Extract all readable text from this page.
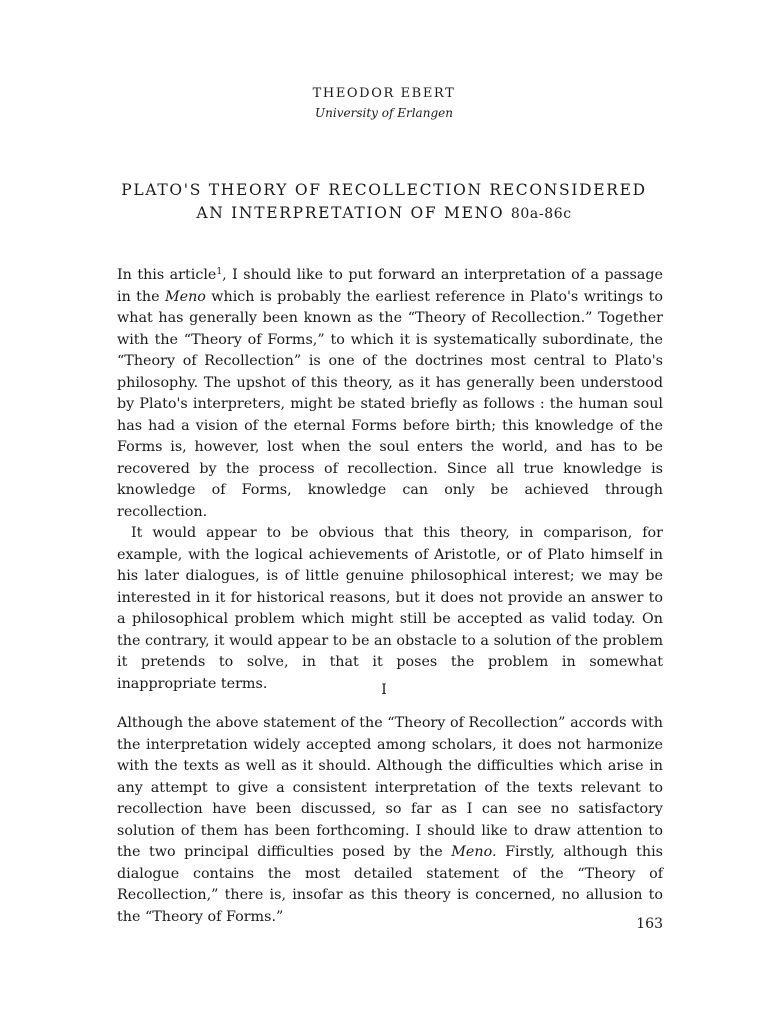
THEODOR EBERT
University of Erlangen
PLATO'S THEORY OF RECOLLECTION RECONSIDERED
AN INTERPRETATION OF MENO 80a-86c

In this article$^1$, I should like to put forward an interpretation of a passage in the Meno which is probably the earliest reference in Plato's writings to what has generally been known as the “Theory of Recollection.” Together with the “Theory of Forms,” to which it is systematically subordinate, the “Theory of Recollection” is one of the doctrines most central to Plato's philosophy. The upshot of this theory, as it has generally been understood by Plato's interpreters, might be stated briefly as follows : the human soul has had a vision of the eternal Forms before birth; this knowledge of the Forms is, however, lost when the soul enters the world, and has to be recovered by the process of recollection. Since all true knowledge is knowledge of Forms, knowledge can only be achieved through recollection.

It would appear to be obvious that this theory, in comparison, for example, with the logical achievements of Aristotle, or of Plato himself in his later dialogues, is of little genuine philosophical interest; we may be interested in it for historical reasons, but it does not provide an answer to a philosophical problem which might still be accepted as valid today. On the contrary, it would appear to be an obstacle to a solution of the problem it pretends to solve, in that it poses the problem in somewhat inappropriate terms.	I

Although the above statement of the “Theory of Recollection” accords with the interpretation widely accepted among scholars, it does not harmonize with the texts as well as it should. Although the difficulties which arise in any attempt to give a consistent interpretation of the texts relevant to recollection have been discussed, so far as I can see no satisfactory solution of them has been forthcoming. I should like to draw attention to the two principal difficulties posed by the Meno. Firstly, although this dialogue contains the most detailed statement of the “Theory of Recollection,” there is, insofar as this theory is concerned, no allusion to the “Theory of Forms.”	163
